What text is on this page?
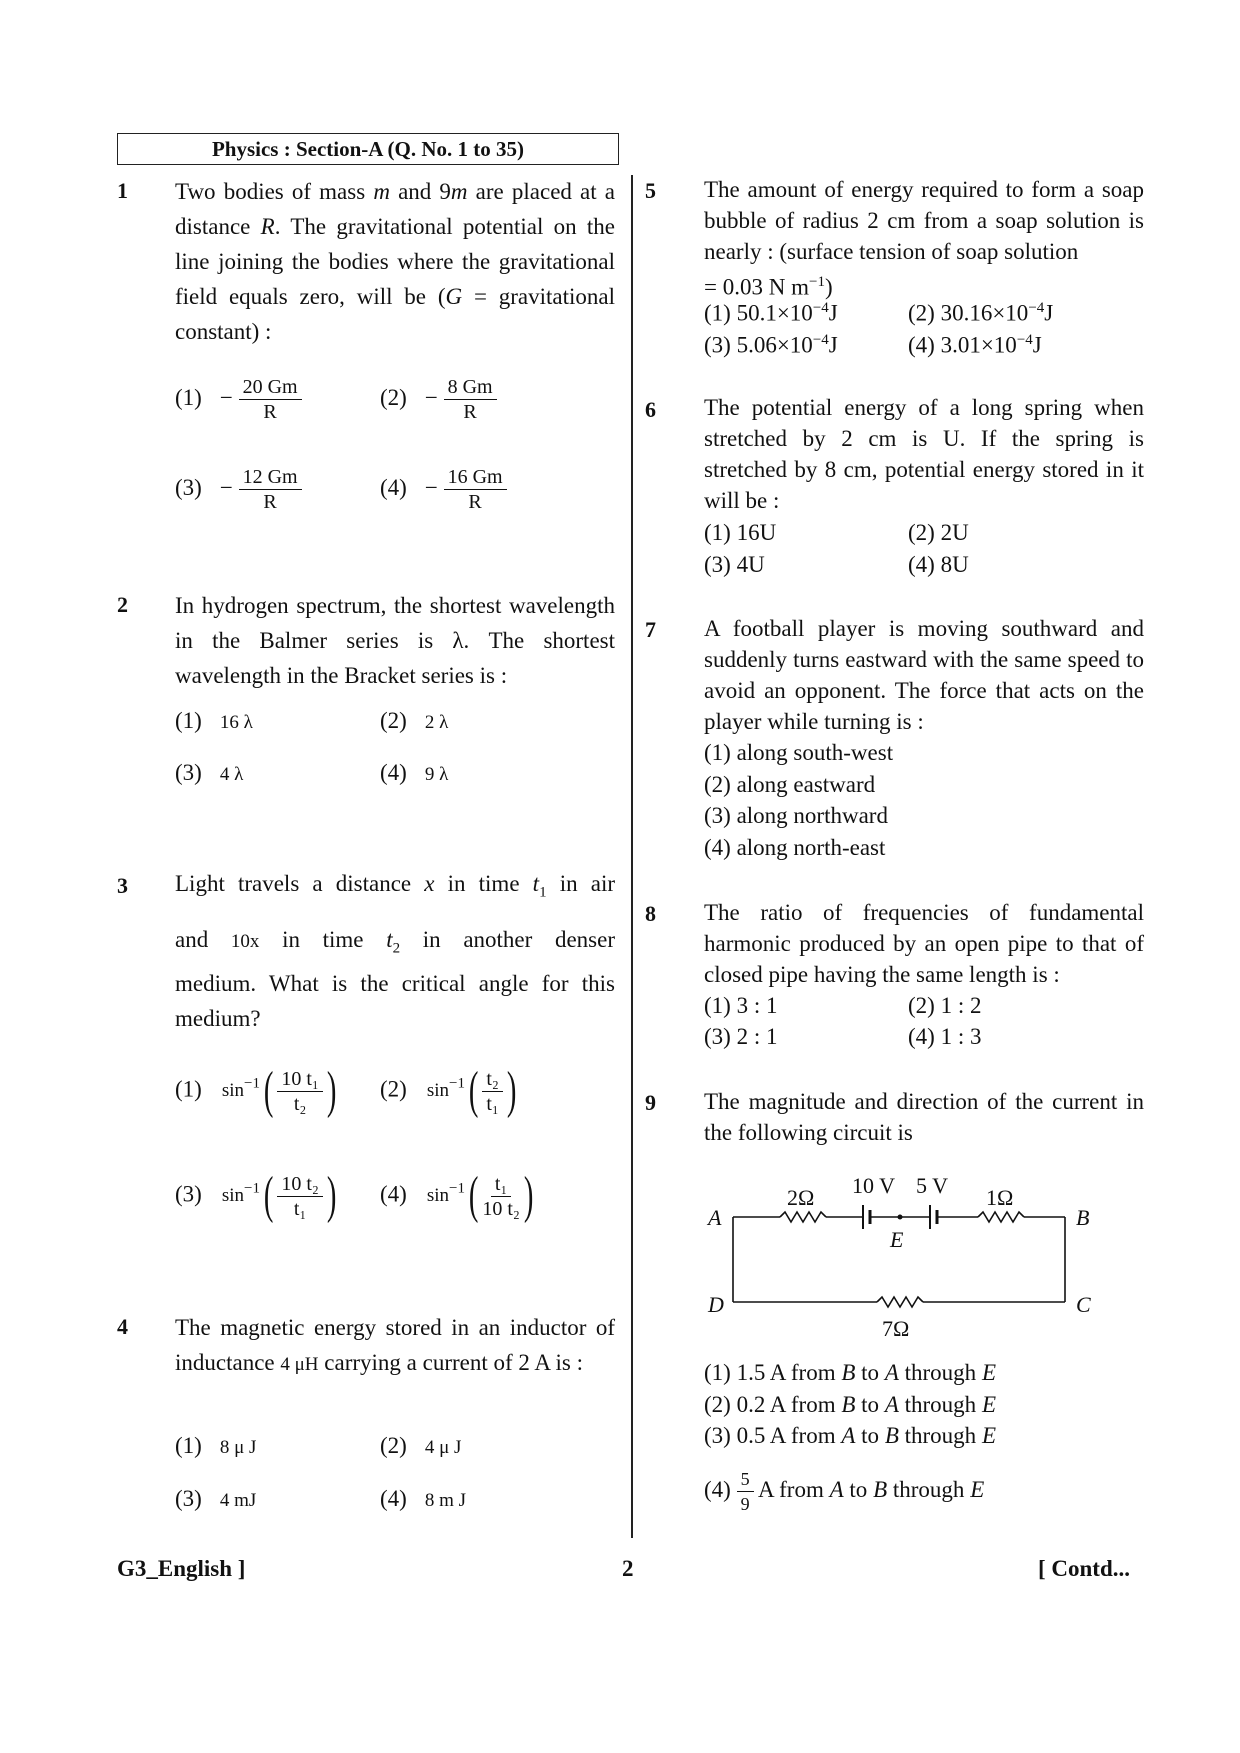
Physics : Section-A (Q. No. 1 to 35)
1 Two bodies of mass m and 9m are placed at a distance R. The gravitational potential on the line joining the bodies where the gravitational field equals zero, will be (G = gravitational constant) :
$(1) - \frac{20 Gm}{R}$	$(2) - \frac{8 Gm}{R}$
$(3) - \frac{12 Gm}{R}$	$(4) - \frac{16 Gm}{R}$
2 In hydrogen spectrum, the shortest wavelength in the Balmer series is λ. The shortest wavelength in the Bracket series is :
(1) 16 λ	(2) 2 λ
(3) 4 λ	(4) 9 λ
3 Light travels a distance x in time $t_1$ in air
and 10x in time $t_2$ in another denser
medium. What is the critical angle for this medium?
(1) $\sin^{-1}( \frac{\text{10 t₁}}{\text{t₂}}$ ) (2) $\sin^{-1}( \frac{\text{t₂}}{\text{t₁}}$ )
(3) $\sin^{-1}( \frac{\text{10 t₂}}{\text{t₁}}$ ) (4) $\sin^{-1}( \frac{\text{t₁}}{\text{10 t₂}}$ )
4 The magnetic energy stored in an inductor of inductance 4 μH carrying a current of 2 A is :
(1) 8 μ J	(2) 4 μ J
(3) 4 mJ	(4) 8 m J
5 The amount of energy required to form a soap bubble of radius 2 cm from a soap solution is nearly : (surface tension of soap solution
= 0.03 N $m^{-1}$)
(1) $50.1\times 10^{-4}J$	(2) $30.16\times 10^{-4}J$
(3) $5.06\times 10^{-4}J$	(4) $3.01\times 10^{-4}J$
6 The potential energy of a long spring when stretched by 2 cm is U. If the spring is stretched by 8 cm, potential energy stored in it will be :
(1) 16U	(2) 2U
(3) 4U	(4) 8U
7 A football player is moving southward and suddenly turns eastward with the same speed to avoid an opponent. The force that acts on the player while turning is :
(1) along south-west
(2) along eastward
(3) along northward
(4) along north-east
8 The ratio of frequencies of fundamental harmonic produced by an open pipe to that of closed pipe having the same length is :
(1) 3 : 1	(2) 1 : 2
(3) 2 : 1	(4) 1 : 3
9 The magnitude and direction of the current in the following circuit is
A	B
D	C
E
2Ω 10 V 5 V 1Ω
7Ω
(1) 1.5 A from B to A through E
(2) 0.2 A from B to A through E
(3) 0.5 A from A to B through E
$(4) \frac{5}{9}$ A from A to B through E
G3_English ]	2	[ Contd...
